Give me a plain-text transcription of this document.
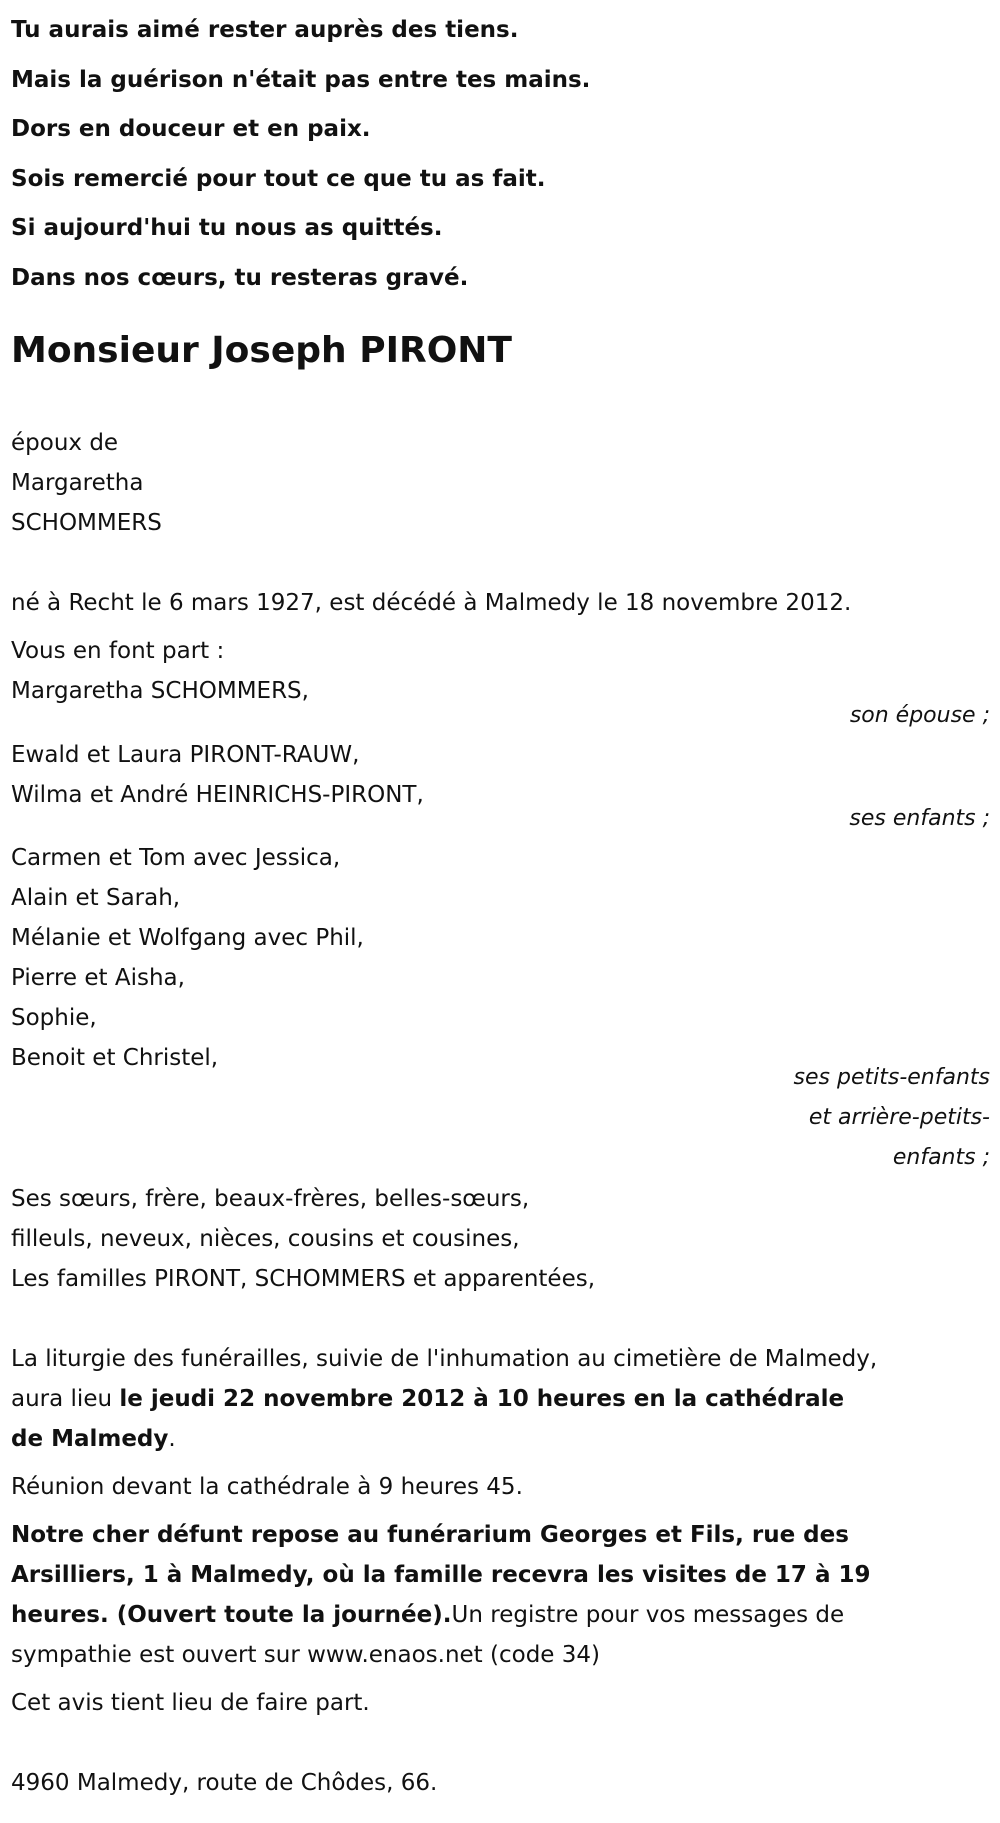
Tu aurais aimé rester auprès des tiens.

Mais la guérison n'était pas entre tes mains.

Dors en douceur et en paix.

Sois remercié pour tout ce que tu as fait.

Si aujourd'hui tu nous as quittés.

Dans nos cœurs, tu resteras gravé.

Monsieur Joseph PIRONT
époux de
Margaretha
SCHOMMERS
né à Recht le 6 mars 1927, est décédé à Malmedy le 18 novembre 2012.
Vous en font part :
Margaretha SCHOMMERS,
son épouse ;
Ewald et Laura PIRONT-RAUW,
Wilma et André HEINRICHS-PIRONT,
ses enfants ;
Carmen et Tom avec Jessica,
Alain et Sarah,
Mélanie et Wolfgang avec Phil,
Pierre et Aisha,
Sophie,
Benoit et Christel,
ses petits-enfants
et arrière-petits-
enfants ;
Ses sœurs, frère, beaux-frères, belles-sœurs,
filleuls, neveux, nièces, cousins et cousines,
Les familles PIRONT, SCHOMMERS et apparentées,
La liturgie des funérailles, suivie de l'inhumation au cimetière de Malmedy, aura lieu le jeudi 22 novembre 2012 à 10 heures en la cathédrale de Malmedy.
Réunion devant la cathédrale à 9 heures 45.
Notre cher défunt repose au funérarium Georges et Fils, rue des Arsilliers, 1 à Malmedy, où la famille recevra les visites de 17 à 19 heures. (Ouvert toute la journée).Un registre pour vos messages de sympathie est ouvert sur www.enaos.net (code 34)
Cet avis tient lieu de faire part.
4960 Malmedy, route de Chôdes, 66.
